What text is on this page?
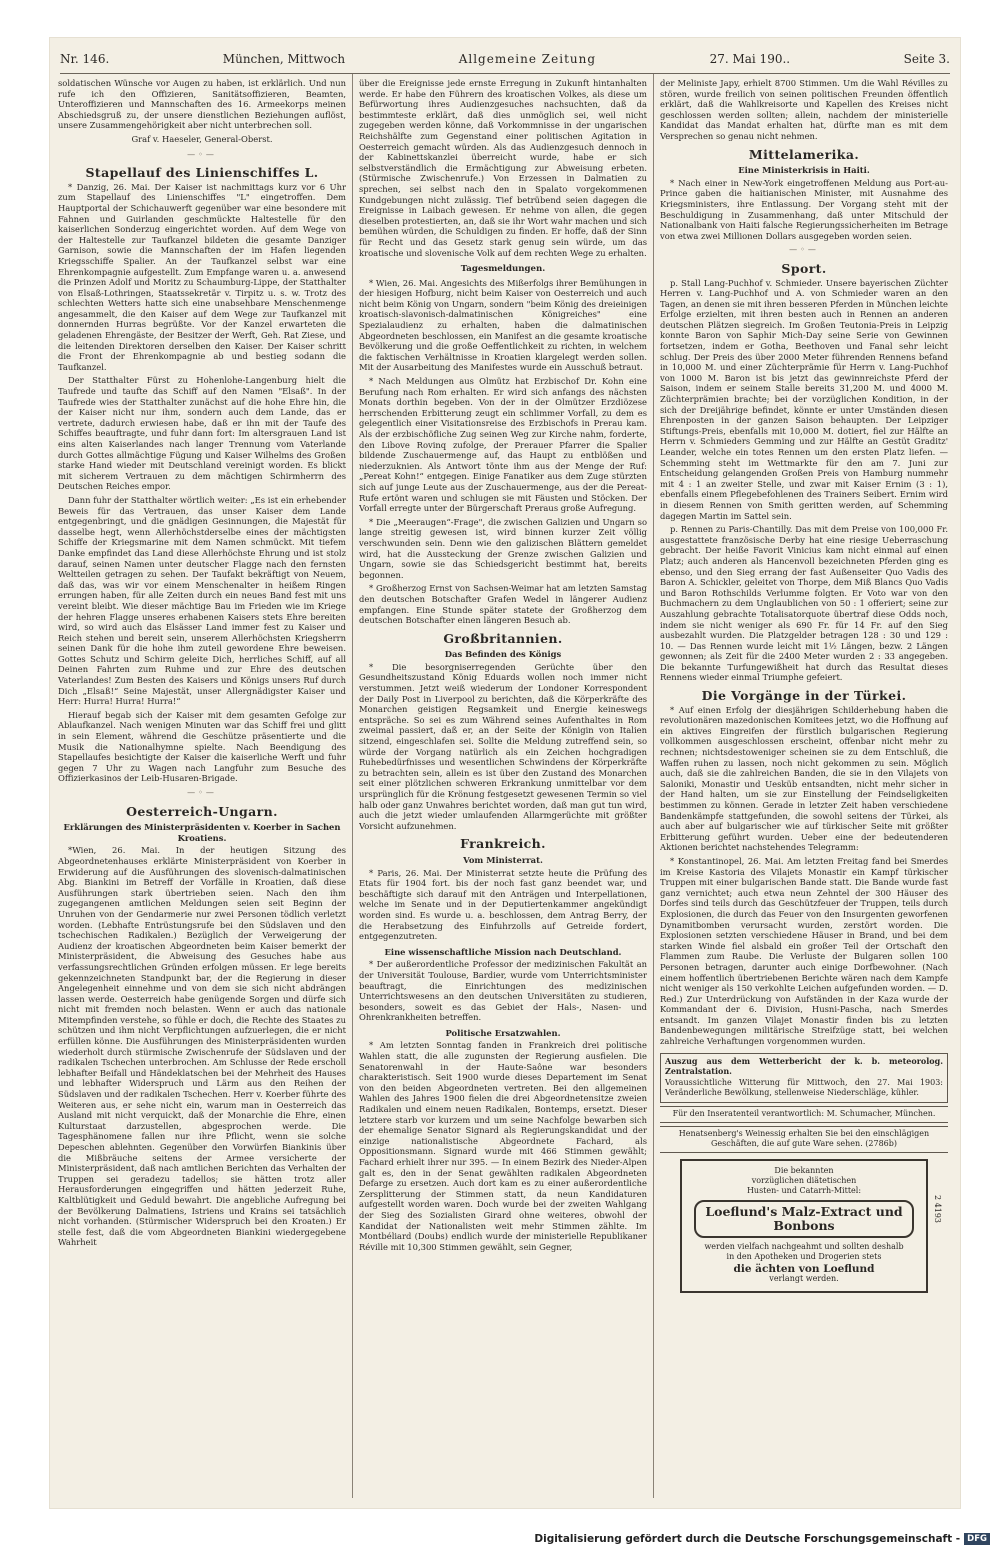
Nr. 146.	München, Mittwoch	Allgemeine Zeitung	27. Mai 190..	Seite 3.

soldatischen Wünsche vor Augen zu haben, ist erklärlich. Und nun rufe ich den Offizieren, Sanitätsoffizieren, Beamten, Unteroffizieren und Mannschaften des 16. Armeekorps meinen Abschiedsgruß zu, der unsere dienstlichen Beziehungen auflöst, unsere Zusammengehörigkeit aber nicht unterbrechen soll.

Graf v. Haeseler, General-Oberst.

—◦—
Stapellauf des Linienschiffes L.

* Danzig, 26. Mai. Der Kaiser ist nachmittags kurz vor 6 Uhr zum Stapellauf des Linienschiffes "L" eingetroffen. Dem Hauptportal der Schichauwerft gegenüber war eine besondere mit Fahnen und Guirlanden geschmückte Haltestelle für den kaiserlichen Sonderzug eingerichtet worden. Auf dem Wege von der Haltestelle zur Taufkanzel bildeten die gesamte Danziger Garnison, sowie die Mannschaften der im Hafen liegenden Kriegsschiffe Spalier. An der Taufkanzel selbst war eine Ehrenkompagnie aufgestellt. Zum Empfange waren u. a. anwesend die Prinzen Adolf und Moritz zu Schaumburg-Lippe, der Statthalter von Elsaß-Lothringen, Staatssekretär v. Tirpitz u. s. w. Trotz des schlechten Wetters hatte sich eine unabsehbare Menschenmenge angesammelt, die den Kaiser auf dem Wege zur Taufkanzel mit donnernden Hurras begrüßte. Vor der Kanzel erwarteten die geladenen Ehrengäste, der Besitzer der Werft, Geh. Rat Ziese, und die leitenden Direktoren derselben den Kaiser. Der Kaiser schritt die Front der Ehrenkompagnie ab und bestieg sodann die Taufkanzel.

Der Statthalter Fürst zu Hohenlohe-Langenburg hielt die Taufrede und taufte das Schiff auf den Namen "Elsaß". In der Taufrede wies der Statthalter zunächst auf die hohe Ehre hin, die der Kaiser nicht nur ihm, sondern auch dem Lande, das er vertrete, dadurch erwiesen habe, daß er ihn mit der Taufe des Schiffes beauftragte, und fuhr dann fort: Im altersgrauen Land ist eins alten Kaiserlandes nach langer Trennung vom Vaterlande durch Gottes allmächtige Fügung und Kaiser Wilhelms des Großen starke Hand wieder mit Deutschland vereinigt worden. Es blickt mit sicherem Vertrauen zu dem mächtigen Schirmherrn des Deutschen Reiches empor.

Dann fuhr der Statthalter wörtlich weiter: „Es ist ein erhebender Beweis für das Vertrauen, das unser Kaiser dem Lande entgegenbringt, und die gnädigen Gesinnungen, die Majestät für dasselbe hegt, wenn Allerhöchstderselbe eines der mächtigsten Schiffe der Kriegsmarine mit dem Namen schmückt. Mit tiefem Danke empfindet das Land diese Allerhöchste Ehrung und ist stolz darauf, seinen Namen unter deutscher Flagge nach den fernsten Weltteilen getragen zu sehen. Der Taufakt bekräftigt von Neuem, daß das, was wir vor einem Menschenalter in heißem Ringen errungen haben, für alle Zeiten durch ein neues Band fest mit uns vereint bleibt. Wie dieser mächtige Bau im Frieden wie im Kriege der hehren Flagge unseres erhabenen Kaisers stets Ehre bereiten wird, so wird auch das Elsässer Land immer fest zu Kaiser und Reich stehen und bereit sein, unserem Allerhöchsten Kriegsherrn seinen Dank für die hohe ihm zuteil gewordene Ehre beweisen. Gottes Schutz und Schirm geleite Dich, herrliches Schiff, auf all Deinen Fahrten zum Ruhme und zur Ehre des deutschen Vaterlandes! Zum Besten des Kaisers und Königs unsers Ruf durch Dich „Elsaß!“ Seine Majestät, unser Allergnädigster Kaiser und Herr: Hurra! Hurra! Hurra!“

Hierauf begab sich der Kaiser mit dem gesamten Gefolge zur Ablaufkanzel. Nach wenigen Minuten war das Schiff frei und glitt in sein Element, während die Geschütze präsentierte und die Musik die Nationalhymne spielte. Nach Beendigung des Stapellaufes besichtigte der Kaiser die kaiserliche Werft und fuhr gegen 7 Uhr zu Wagen nach Langfuhr zum Besuche des Offizierkasinos der Leib-Husaren-Brigade.

—◦—
Oesterreich-Ungarn.
Erklärungen des Ministerpräsidenten v. Koerber in Sachen Kroatiens.

*Wien, 26. Mai. In der heutigen Sitzung des Abgeordnetenhauses erklärte Ministerpräsident von Koerber in Erwiderung auf die Ausführungen des slovenisch-dalmatinischen Abg. Biankini im Betreff der Vorfälle in Kroatien, daß diese Ausführungen stark übertrieben seien. Nach den ihm zugegangenen amtlichen Meldungen seien seit Beginn der Unruhen von der Gendarmerie nur zwei Personen tödlich verletzt worden. (Lebhafte Entrüstungsrufe bei den Südslaven und den tschechischen Radikalen.) Bezüglich der Verweigerung der Audienz der kroatischen Abgeordneten beim Kaiser bemerkt der Ministerpräsident, die Abweisung des Gesuches habe aus verfassungsrechtlichen Gründen erfolgen müssen. Er lege bereits gekennzeichneten Standpunkt bar, der die Regierung in dieser Angelegenheit einnehme und von dem sie sich nicht abdrängen lassen werde. Oesterreich habe genügende Sorgen und dürfe sich nicht mit fremden noch belasten. Wenn er auch das nationale Mitempfinden verstehe, so fühle er doch, die Rechte des Staates zu schützen und ihm nicht Verpflichtungen aufzuerlegen, die er nicht erfüllen könne. Die Ausführungen des Ministerpräsidenten wurden wiederholt durch stürmische Zwischenrufe der Südslaven und der radikalen Tschechen unterbrochen. Am Schlusse der Rede erscholl lebhafter Beifall und Händeklatschen bei der Mehrheit des Hauses und lebhafter Widerspruch und Lärm aus den Reihen der Südslaven und der radikalen Tschechen. Herr v. Koerber führte des Weiteren aus, er sehe nicht ein, warum man in Oesterreich das Ausland mit nicht verquickt, daß der Monarchie die Ehre, einen Kulturstaat darzustellen, abgesprochen werde. Die Tagesphänomene fallen nur ihre Pflicht, wenn sie solche Depeschen ablehnten. Gegenüber den Vorwürfen Biankinis über die Mißbräuche seitens der Armee versicherte der Ministerpräsident, daß nach amtlichen Berichten das Verhalten der Truppen sei geradezu tadellos; sie hätten trotz aller Herausforderungen eingegriffen und hätten jederzeit Ruhe, Kaltblütigkeit und Geduld bewahrt. Die angebliche Aufregung bei der Bevölkerung Dalmatiens, Istriens und Krains sei tatsächlich nicht vorhanden. (Stürmischer Widerspruch bei den Kroaten.) Er stelle fest, daß die vom Abgeordneten Biankini wiedergegebene Wahrheit

über die Ereignisse jede ernste Erregung in Zukunft hintanhalten werde. Er habe den Führern des kroatischen Volkes, als diese um Befürwortung ihres Audienzgesuches nachsuchten, daß da bestimmteste erklärt, daß dies unmöglich sei, weil nicht zugegeben werden könne, daß Vorkommnisse in der ungarischen Reichshälfte zum Gegenstand einer politischen Agitation in Oesterreich gemacht würden. Als das Audienzgesuch dennoch in der Kabinettskanzlei überreicht wurde, habe er sich selbstverständlich die Ermächtigung zur Abweisung erbeten. (Stürmische Zwischenrufe.) Von Erzessen in Dalmatien zu sprechen, sei selbst nach den in Spalato vorgekommenen Kundgebungen nicht zulässig. Tief betrübend seien dagegen die Ereignisse in Laibach gewesen. Er nehme von allen, die gegen dieselben protestierten, an, daß sie ihr Wort wahr machen und sich bemühen würden, die Schuldigen zu finden. Er hoffe, daß der Sinn für Recht und das Gesetz stark genug sein würde, um das kroatische und slovenische Volk auf dem rechten Wege zu erhalten.

Tagesmeldungen.

* Wien, 26. Mai. Angesichts des Mißerfolgs ihrer Bemühungen in der hiesigen Hofburg, nicht beim Kaiser von Oesterreich und auch nicht beim König von Ungarn, sondern "beim König des dreieinigen kroatisch-slavonisch-dalmatinischen Königreiches" eine Spezialaudienz zu erhalten, haben die dalmatinischen Abgeordneten beschlossen, ein Manifest an die gesamte kroatische Bevölkerung und die große Oeffentlichkeit zu richten, in welchem die faktischen Verhältnisse in Kroatien klargelegt werden sollen. Mit der Ausarbeitung des Manifestes wurde ein Ausschuß betraut.

* Nach Meldungen aus Olmütz hat Erzbischof Dr. Kohn eine Berufung nach Rom erhalten. Er wird sich anfangs des nächsten Monats dorthin begeben. Von der in der Olmützer Erzdiözese herrschenden Erbitterung zeugt ein schlimmer Vorfall, zu dem es gelegentlich einer Visitationsreise des Erzbischofs in Prerau kam. Als der erzbischöfliche Zug seinen Weg zur Kirche nahm, forderte, den Libove Rovinq zufolge, der Prerauer Pfarrer die Spalier bildende Zuschauermenge auf, das Haupt zu entblößen und niederzuknien. Als Antwort tönte ihm aus der Menge der Ruf: „Pereat Kohn!“ entgegen. Einige Fanatiker aus dem Zuge stürzten sich auf junge Leute aus der Zuschauermenge, aus der die Pereat-Rufe ertönt waren und schlugen sie mit Fäusten und Stöcken. Der Vorfall erregte unter der Bürgerschaft Preraus große Aufregung.

* Die „Meeraugen“-Frage", die zwischen Galizien und Ungarn so lange streitig gewesen ist, wird binnen kurzer Zeit völlig verschwunden sein. Denn wie den galizischen Blättern gemeldet wird, hat die Aussteckung der Grenze zwischen Galizien und Ungarn, sowie sie das Schiedsgericht bestimmt hat, bereits begonnen.

* Großherzog Ernst von Sachsen-Weimar hat am letzten Samstag den deutschen Botschafter Grafen Wedel in längerer Audienz empfangen. Eine Stunde später statete der Großherzog dem deutschen Botschafter einen längeren Besuch ab.

Großbritannien.
Das Befinden des Königs

* Die besorgniserregenden Gerüchte über den Gesundheitszustand König Eduards wollen noch immer nicht verstummen. Jetzt weiß wiederum der Londoner Korrespondent der Daily Post in Liverpool zu berichten, daß die Körperkräfte des Monarchen geistigen Regsamkeit und Energie keineswegs entspräche. So sei es zum Während seines Aufenthaltes in Rom zweimal passiert, daß er, an der Seite der Königin von Italien sitzend, eingeschlafen sei. Sollte die Meldung zutreffend sein, so würde der Vorgang natürlich als ein Zeichen hochgradigen Ruhebedürfnisses und wesentlichen Schwindens der Körperkräfte zu betrachten sein, allein es ist über den Zustand des Monarchen seit einer plötzlichen schweren Erkrankung unmittelbar vor dem ursprünglich für die Krönung festgesetzt gewesenen Termin so viel halb oder ganz Unwahres berichtet worden, daß man gut tun wird, auch die jetzt wieder umlaufenden Allarmgerüchte mit größter Vorsicht aufzunehmen.

Frankreich.
Vom Ministerrat.

* Paris, 26. Mai. Der Ministerrat setzte heute die Prüfung des Etats für 1904 fort. bis der noch fast ganz beendet war, und beschäftigte sich darauf mit den Anträgen und Interpellationen, welche im Senate und in der Deputiertenkammer angekündigt worden sind. Es wurde u. a. beschlossen, dem Antrag Berry, der die Herabsetzung des Einfuhrzolls auf Getreide fordert, entgegenzutreten.

Eine wissenschaftliche Mission nach Deutschland.

* Der außerordentliche Professor der medizinischen Fakultät an der Universität Toulouse, Bardier, wurde vom Unterrichtsminister beauftragt, die Einrichtungen des medizinischen Unterrichtswesens an den deutschen Universitäten zu studieren, besonders, soweit es das Gebiet der Hals-, Nasen- und Ohrenkrankheiten betreffen.

Politische Ersatzwahlen.

* Am letzten Sonntag fanden in Frankreich drei politische Wahlen statt, die alle zugunsten der Regierung ausfielen. Die Senatorenwahl in der Haute-Saône war besonders charakteristisch. Seit 1900 wurde dieses Departement im Senat von den beiden Abgeordneten vertreten. Bei den allgemeinen Wahlen des Jahres 1900 fielen die drei Abgeordnetensitze zweien Radikalen und einem neuen Radikalen, Bontemps, ersetzt. Dieser letztere starb vor kurzem und um seine Nachfolge bewarben sich der ehemalige Senator Signard als Regierungskandidat und der einzige nationalistische Abgeordnete Fachard, als Oppositionsmann. Signard wurde mit 466 Stimmen gewählt; Fachard erhielt ihrer nur 395. — In einem Bezirk des Nieder-Alpen galt es, den in der Senat gewählten radikalen Abgeordneten Defarge zu ersetzen. Auch dort kam es zu einer außerordentliche Zersplitterung der Stimmen statt, da neun Kandidaturen aufgestellt worden waren. Doch wurde bei der zweiten Wahlgang der Sieg des Sozialisten Girard ohne weiteres, obwohl der Kandidat der Nationalisten weit mehr Stimmen zählte. Im Montbéliard (Doubs) endlich wurde der ministerielle Republikaner Réville mit 10,300 Stimmen gewählt, sein Gegner,

der Meliniste Japy, erhielt 8700 Stimmen. Um die Wahl Révilles zu stören, wurde freilich von seinen politischen Freunden öffentlich erklärt, daß die Wahlkreisorte und Kapellen des Kreises nicht geschlossen werden sollten; allein, nachdem der ministerielle Kandidat das Mandat erhalten hat, dürfte man es mit dem Versprechen so genau nicht nehmen.

Mittelamerika.
Eine Ministerkrisis in Haiti.

* Nach einer in New-York eingetroffenen Meldung aus Port-au-Prince gaben die haitianischen Minister, mit Ausnahme des Kriegsministers, ihre Entlassung. Der Vorgang steht mit der Beschuldigung in Zusammenhang, daß unter Mitschuld der Nationalbank von Haiti falsche Regierungssicherheiten im Betrage von etwa zwei Millionen Dollars ausgegeben worden seien.

—◦—
Sport.

p. Stall Lang-Puchhof v. Schmieder. Unsere bayerischen Züchter Herren v. Lang-Puchhof und A. von Schmieder waren an den Tagen, an denen sie mit ihren besseren Pferden in München leichte Erfolge erzielten, mit ihren besten auch in Rennen an anderen deutschen Plätzen siegreich. Im Großen Teutonia-Preis in Leipzig konnte Baron von Saphir Mich-Day seine Serie von Gewinnen fortsetzen, indem er Gotha, Beethoven und Fanal sehr leicht schlug. Der Preis des über 2000 Meter führenden Rennens befand in 10,000 M. und einer Züchterprämie für Herrn v. Lang-Puchhof von 1000 M. Baron ist bis jetzt das gewinnreichste Pferd der Saison, indem er seinem Stalle bereits 31,200 M. und 4000 M. Züchterprämien brachte; bei der vorzüglichen Kondition, in der sich der Dreijährige befindet, könnte er unter Umständen diesen Ehrenposten in der ganzen Saison behaupten. Der Leipziger Stiftungs-Preis, ebenfalls mit 10,000 M. dotiert, fiel zur Hälfte an Herrn v. Schmieders Gemming und zur Hälfte an Gestüt Graditz' Leander, welche ein totes Rennen um den ersten Platz liefen. — Schemming steht im Wettmarkte für den am 7. Juni zur Entscheidung gelangenden Großen Preis von Hamburg nummehr mit 4 : 1 an zweiter Stelle, und zwar mit Kaiser Ernim (3 : 1), ebenfalls einem Pflegebefohlenen des Trainers Seibert. Ernim wird in diesem Rennen von Smith geritten werden, auf Schemming dagegen Martin im Sattel sein.

p. Rennen zu Paris-Chantilly. Das mit dem Preise von 100,000 Fr. ausgestattete französische Derby hat eine riesige Ueberraschung gebracht. Der heiße Favorit Vinicius kam nicht einmal auf einen Platz; auch anderen als Hancenvoll bezeichneten Pferden ging es ebenso, und den Sieg errang der fast Außenseiter Quo Vadis des Baron A. Schickler, geleitet von Thorpe, dem Miß Blancs Quo Vadis und Baron Rothschilds Verlumme folgten. Er Voto war von den Buchmachern zu dem Unglaublichen von 50 : 1 offeriert; seine zur Auszahlung gebrachte Totalisatorquote übertraf diese Odds noch, indem sie nicht weniger als 690 Fr. für 14 Fr. auf den Sieg ausbezahlt wurden. Die Platzgelder betragen 128 : 30 und 129 : 10. — Das Rennen wurde leicht mit 1½ Längen, bezw. 2 Längen gewonnen; als Zeit für die 2400 Meter wurden 2 : 33 angegeben. Die bekannte Turfungewißheit hat durch das Resultat dieses Rennens wieder einmal Triumphe gefeiert.

Die Vorgänge in der Türkei.

* Auf einen Erfolg der diesjährigen Schilderhebung haben die revolutionären mazedonischen Komitees jetzt, wo die Hoffnung auf ein aktives Eingreifen der fürstlich bulgarischen Regierung vollkommen ausgeschlossen erscheint, offenbar nicht mehr zu rechnen; nichtsdestoweniger scheinen sie zu dem Entschluß, die Waffen ruhen zu lassen, noch nicht gekommen zu sein. Möglich auch, daß sie die zahlreichen Banden, die sie in den Vilajets von Saloniki, Monastir und Uesküb entsandten, nicht mehr sicher in der Hand halten, um sie zur Einstellung der Feindseligkeiten bestimmen zu können. Gerade in letzter Zeit haben verschiedene Bandenkämpfe stattgefunden, die sowohl seitens der Türkei, als auch aber auf bulgarischer wie auf türkischer Seite mit größter Erbitterung geführt wurden. Ueber eine der bedeutenderen Aktionen berichtet nachstehendes Telegramm:

* Konstantinopel, 26. Mai. Am letzten Freitag fand bei Smerdes im Kreise Kastoria des Vilajets Monastir ein Kampf türkischer Truppen mit einer bulgarischen Bande statt. Die Bande wurde fast ganz vernichtet; auch etwa neun Zehntel der 300 Häuser des Dorfes sind teils durch das Geschützfeuer der Truppen, teils durch Explosionen, die durch das Feuer von den Insurgenten geworfenen Dynamitbomben verursacht wurden, zerstört worden. Die Explosionen setzten verschiedene Häuser in Brand, und bei dem starken Winde fiel alsbald ein großer Teil der Ortschaft den Flammen zum Raube. Die Verluste der Bulgaren sollen 100 Personen betragen, darunter auch einige Dorfbewohner. (Nach einem hoffentlich übertriebenen Berichte wären nach dem Kampfe nicht weniger als 150 verkohlte Leichen aufgefunden worden. — D. Red.) Zur Unterdrückung von Aufständen in der Kaza wurde der Kommandant der 6. Division, Husni-Pascha, nach Smerdes entsandt. Im ganzen Vilajet Monastir finden bis zu letzten Bandenbewegungen militärische Streifzüge statt, bei welchen zahlreiche Verhaftungen vorgenommen wurden.

Auszug aus dem Wetterbericht der k. b. meteorolog. Zentralstation.

Voraussichtliche Witterung für Mittwoch, den 27. Mai 1903: Veränderliche Bewölkung, stellenweise Niederschläge, kühler.

Für den Inseratenteil verantwortlich: M. Schumacher, München.

Henatsenberg's Weinessig erhalten Sie bei den einschlägigen Geschäften, die auf gute Ware sehen. (2786b)

Die bekannten
vorzüglichen diätetischen
Husten- und Catarrh-Mittel:
Loeflund's Malz-Extract und Bonbons
werden vielfach nachgeahmt und sollten deshalb
in den Apotheken und Drogerien stets
die ächten von Loeflund
verlangt werden.
2 4193
Digitalisierung gefördert durch die Deutsche Forschungsgemeinschaft - DFG
